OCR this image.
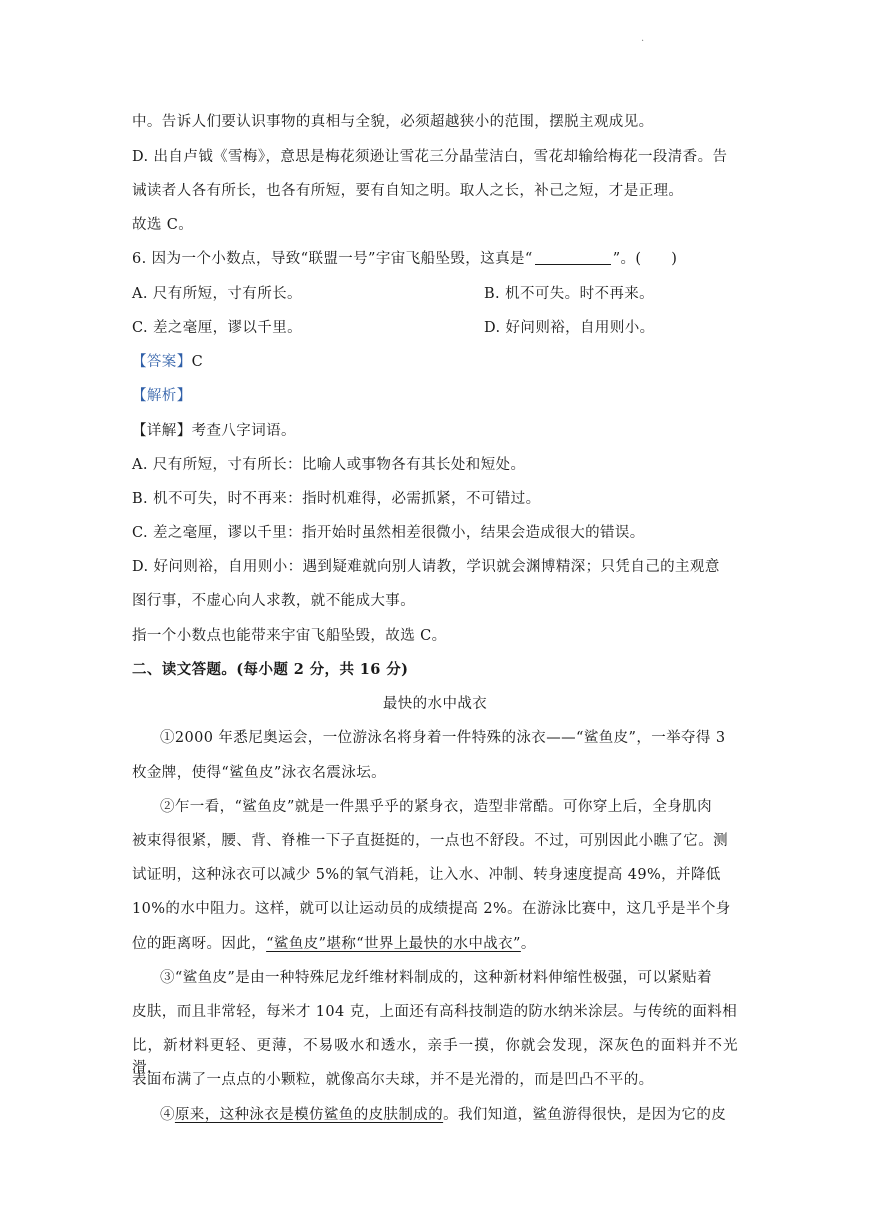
·
中。告诉人们要认识事物的真相与全貌，必须超越狭小的范围，摆脱主观成见。
D. 出自卢钺《雪梅》，意思是梅花须逊让雪花三分晶莹洁白，雪花却输给梅花一段清香。告
诫读者人各有所长，也各有所短，要有自知之明。取人之长，补己之短，才是正理。
故选 C。
6. 因为一个小数点，导致“联盟一号”宇宙飞船坠毁，这真是“	”。(　　)
A. 尺有所短，寸有所长。	B. 机不可失。时不再来。
C. 差之毫厘，谬以千里。	D. 好问则裕，自用则小。
【答案】C
【解析】
【详解】考查八字词语。
A. 尺有所短，寸有所长：比喻人或事物各有其长处和短处。
B. 机不可失，时不再来：指时机难得，必需抓紧，不可错过。
C. 差之毫厘，谬以千里：指开始时虽然相差很微小，结果会造成很大的错误。
D. 好问则裕，自用则小：遇到疑难就向别人请教，学识就会渊博精深；只凭自己的主观意
图行事，不虚心向人求教，就不能成大事。
指一个小数点也能带来宇宙飞船坠毁，故选 C。
二、读文答题。(每小题 2 分，共 16 分)
最快的水中战衣
①2000 年悉尼奥运会，一位游泳名将身着一件特殊的泳衣——“鲨鱼皮”，一举夺得 3
枚金牌，使得“鲨鱼皮”泳衣名震泳坛。
②乍一看，“鲨鱼皮”就是一件黑乎乎的紧身衣，造型非常酷。可你穿上后，全身肌肉
被束得很紧，腰、背、脊椎一下子直挺挺的，一点也不舒段。不过，可别因此小瞧了它。测
试证明，这种泳衣可以减少 5%的氧气消耗，让入水、冲制、转身速度提高 49%，并降低
10%的水中阻力。这样，就可以让运动员的成绩提高 2%。在游泳比赛中，这几乎是半个身
位的距离呀。因此，“鲨鱼皮”堪称“世界上最快的水中战衣”。
③“鲨鱼皮”是由一种特殊尼龙纤维材料制成的，这种新材料伸缩性极强，可以紧贴着
皮肤，而且非常轻，每米才 104 克，上面还有高科技制造的防水纳米涂层。与传统的面料相
比，新材料更轻、更薄，不易吸水和透水，亲手一摸，你就会发现，深灰色的面料并不光滑，
表面布满了一点点的小颗粒，就像高尔夫球，并不是光滑的，而是凹凸不平的。
④原来，这种泳衣是模仿鲨鱼的皮肤制成的。我们知道，鲨鱼游得很快，是因为它的皮
